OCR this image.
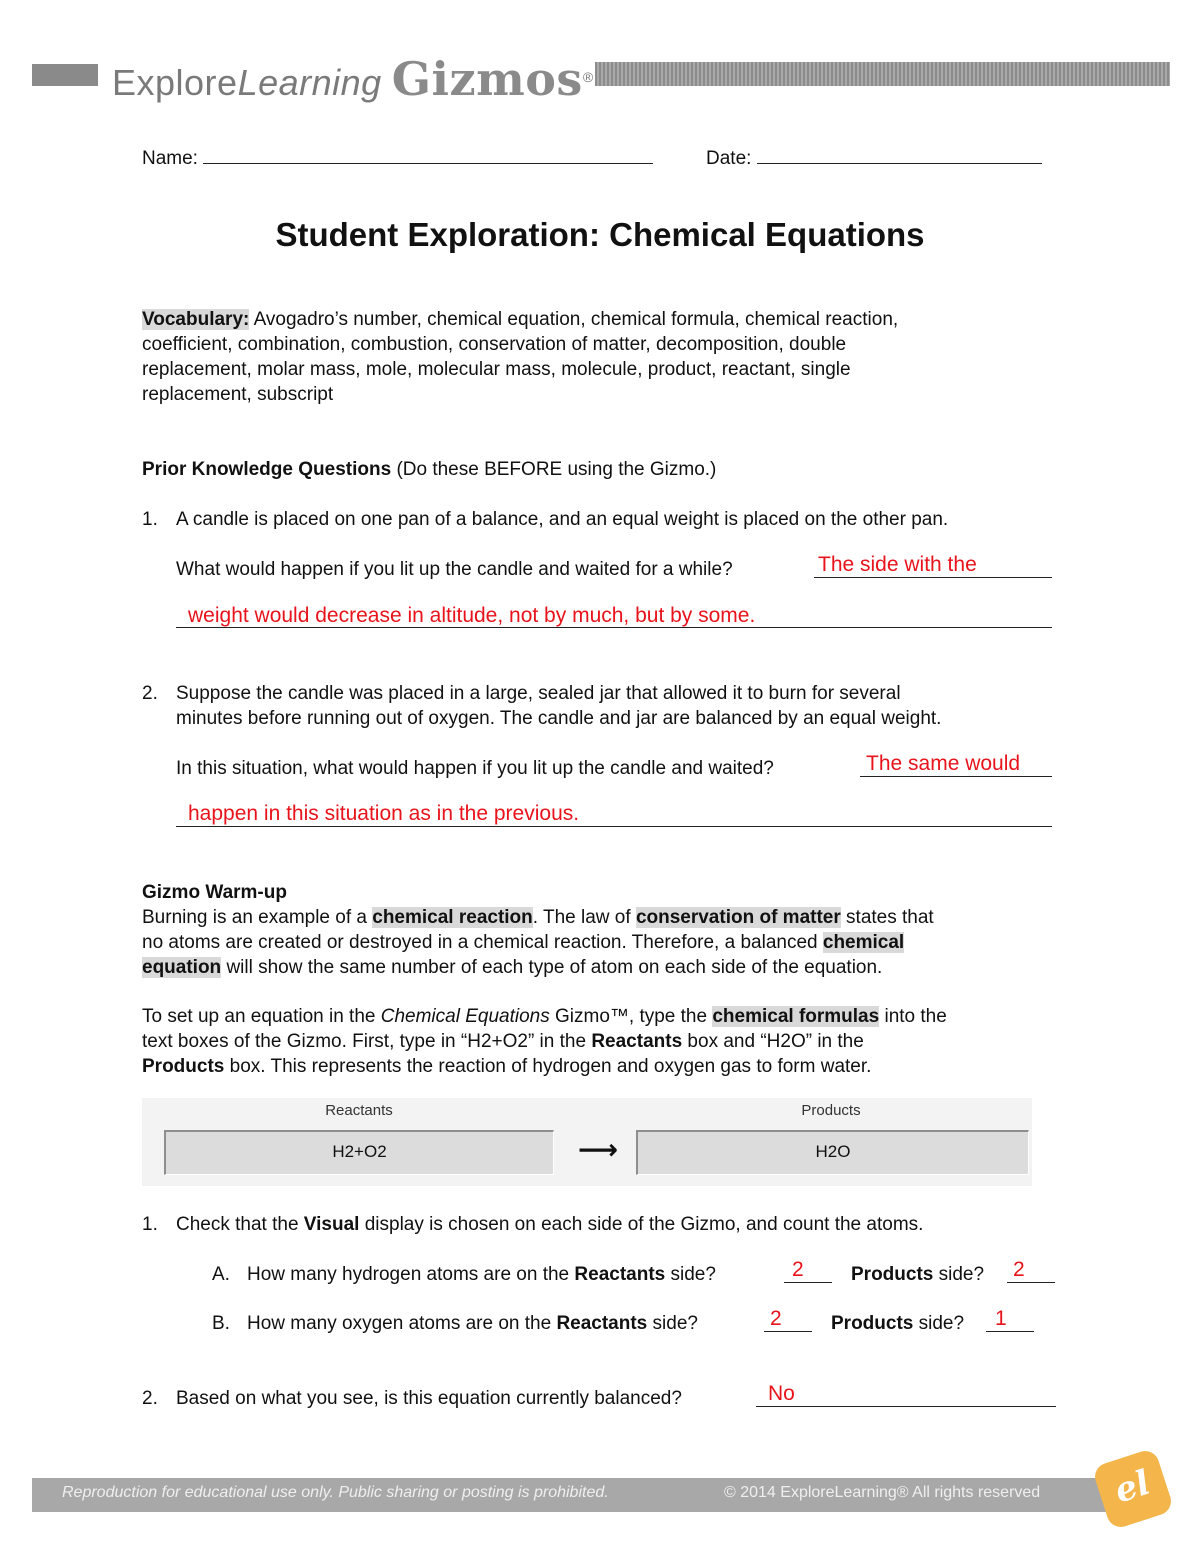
ExploreLearning Gizmos®
Name:	Date:
Student Exploration: Chemical Equations
Vocabulary: Avogadro’s number, chemical equation, chemical formula, chemical reaction,
coefficient, combination, combustion, conservation of matter, decomposition, double
replacement, molar mass, mole, molecular mass, molecule, product, reactant, single
replacement, subscript
Prior Knowledge Questions (Do these BEFORE using the Gizmo.)
1. A candle is placed on one pan of a balance, and an equal weight is placed on the other pan.
What would happen if you lit up the candle and waited for a while?	The side with the
weight would decrease in altitude, not by much, but by some.
2. Suppose the candle was placed in a large, sealed jar that allowed it to burn for several
minutes before running out of oxygen. The candle and jar are balanced by an equal weight.
In this situation, what would happen if you lit up the candle and waited?	The same would
happen in this situation as in the previous.
Gizmo Warm-up
Burning is an example of a chemical reaction. The law of conservation of matter states that
no atoms are created or destroyed in a chemical reaction. Therefore, a balanced chemical
equation will show the same number of each type of atom on each side of the equation.
To set up an equation in the Chemical Equations Gizmo™, type the chemical formulas into the
text boxes of the Gizmo. First, type in “H2+O2” in the Reactants box and “H2O” in the
Products box. This represents the reaction of hydrogen and oxygen gas to form water.
Reactants
H2+O2	⟶
Products
H2O
1. Check that the Visual display is chosen on each side of the Gizmo, and count the atoms.
A. How many hydrogen atoms are on the Reactants side?	2 Products side? 2
B. How many oxygen atoms are on the Reactants side?	2	Products side? 1
2. Based on what you see, is this equation currently balanced?	No
Reproduction for educational use only. Public sharing or posting is prohibited.	© 2014 ExploreLearning® All rights reserved	el
